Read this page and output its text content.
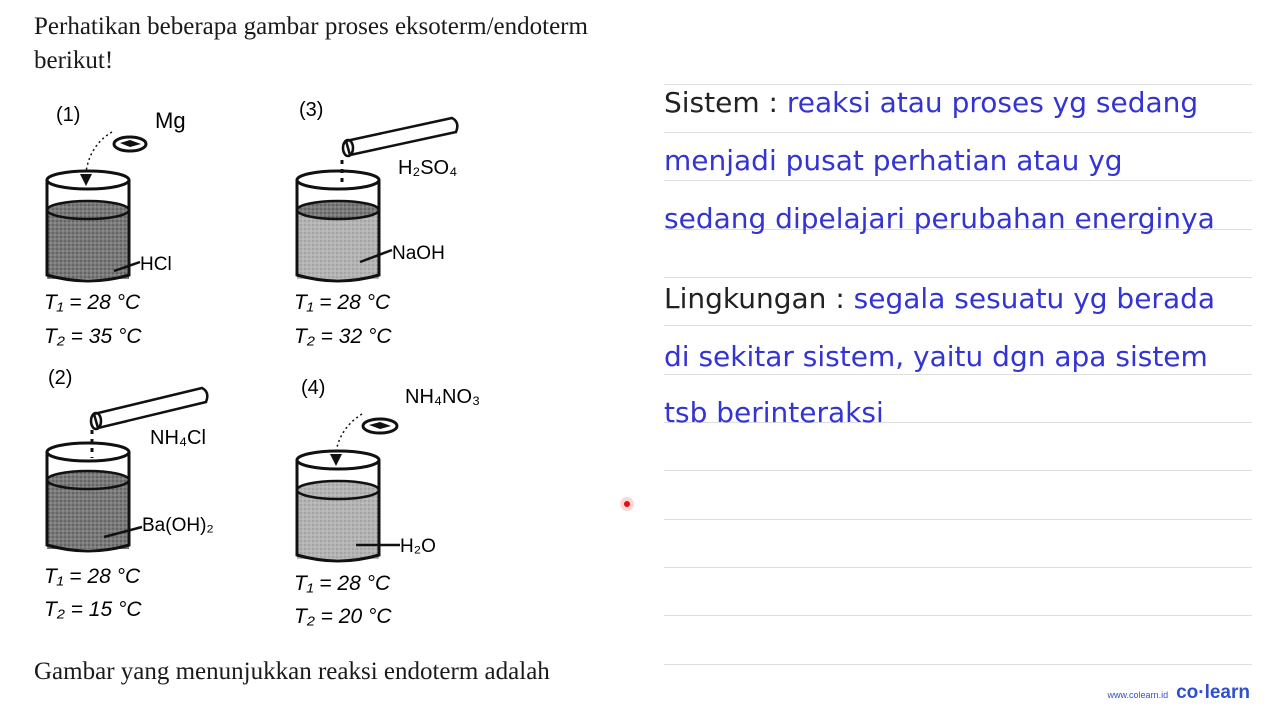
Perhatikan beberapa gambar proses eksoterm/endoterm berikut!
(1)	Mg
HCl
T₁ = 28 °C
T₂ = 35 °C
(2)
NH₄Cl
Ba(OH)₂
T₁ = 28 °C
T₂ = 15 °C
(3)
H₂SO₄
NaOH
T₁ = 28 °C
T₂ = 32 °C
(4)	NH₄NO₃
H₂O
T₁ = 28 °C
T₂ = 20 °C
Gambar yang menunjukkan reaksi endoterm adalah
Sistem : reaksi atau proses yg sedang
menjadi pusat perhatian atau yg
sedang dipelajari perubahan energinya
Lingkungan : segala sesuatu yg berada
di sekitar sistem, yaitu dgn apa sistem
tsb berinteraksi
www.colearn.id co·learn
